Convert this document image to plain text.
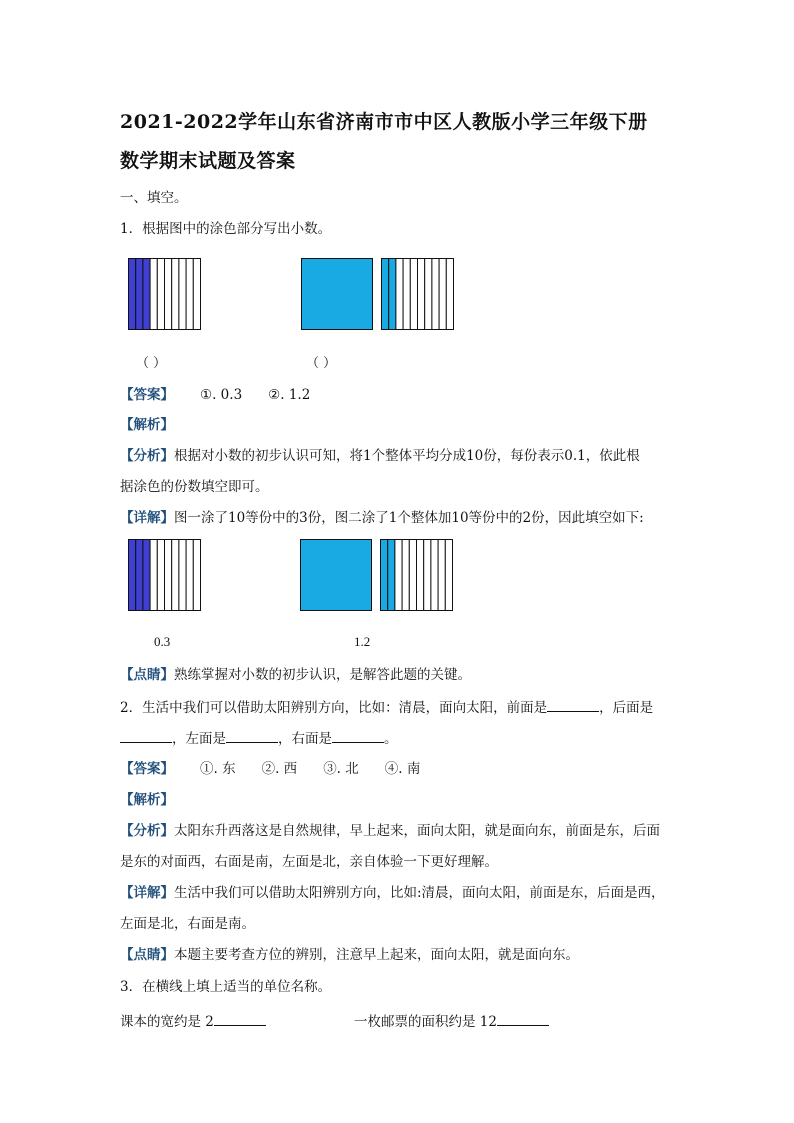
2021-2022学年山东省济南市市中区人教版小学三年级下册
数学期末试题及答案
一、填空。
1．根据图中的涂色部分写出小数。
（ ）	（ ）
【答案】 ①. 0.3 ②. 1.2
【解析】
【分析】根据对小数的初步认识可知，将1个整体平均分成10份，每份表示0.1，依此根
据涂色的份数填空即可。
【详解】图一涂了10等份中的3份，图二涂了1个整体加10等份中的2份，因此填空如下:
0.3	1.2
【点睛】熟练掌握对小数的初步认识，是解答此题的关键。
2．生活中我们可以借助太阳辨别方向，比如：清晨，面向太阳，前面是	，后面是
，左面是	，右面是	。
【答案】 ①. 东 ②. 西 ③. 北 ④. 南
【解析】
【分析】太阳东升西落这是自然规律，早上起来，面向太阳，就是面向东，前面是东，后面
是东的对面西，右面是南，左面是北，亲自体验一下更好理解。
【详解】生活中我们可以借助太阳辨别方向，比如:清晨，面向太阳，前面是东，后面是西，
左面是北，右面是南。
【点睛】本题主要考查方位的辨别，注意早上起来，面向太阳，就是面向东。
3．在横线上填上适当的单位名称。
课本的宽约是 2	一枚邮票的面积约是 12
